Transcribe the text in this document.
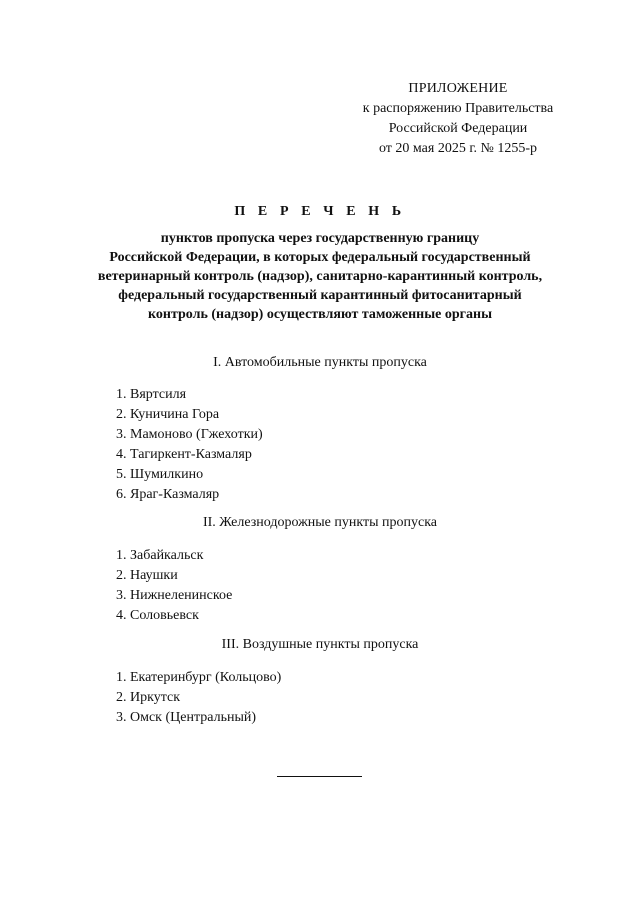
ПРИЛОЖЕНИЕ
к распоряжению Правительства
Российской Федерации
от 20 мая 2025 г. № 1255-р
П Е Р Е Ч Е Н Ь
пунктов пропуска через государственную границу
Российской Федерации, в которых федеральный государственный
ветеринарный контроль (надзор), санитарно-карантинный контроль,
федеральный государственный карантинный фитосанитарный
контроль (надзор) осуществляют таможенные органы
I. Автомобильные пункты пропуска
1. Вяртсиля
2. Куничина Гора
3. Мамоново (Гжехотки)
4. Тагиркент-Казмаляр
5. Шумилкино
6. Яраг-Казмаляр
II. Железнодорожные пункты пропуска
1. Забайкальск
2. Наушки
3. Нижнеленинское
4. Соловьевск
III. Воздушные пункты пропуска
1. Екатеринбург (Кольцово)
2. Иркутск
3. Омск (Центральный)
